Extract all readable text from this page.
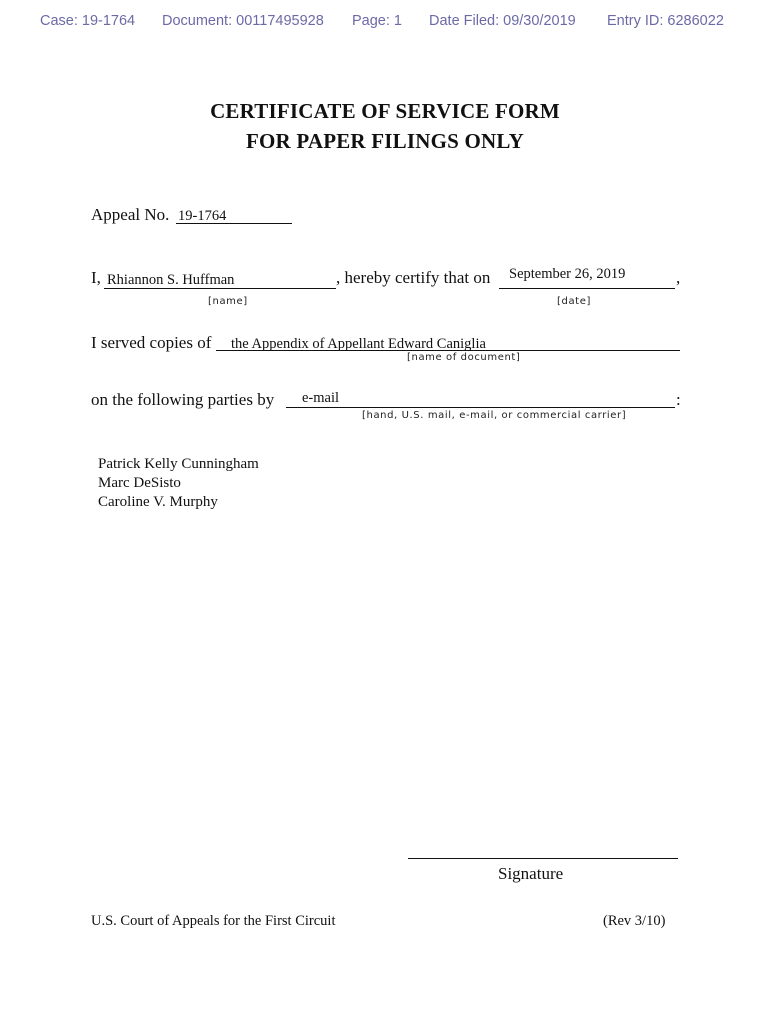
Case: 19-1764 Document: 00117495928 Page: 1 Date Filed: 09/30/2019 Entry ID: 6286022
CERTIFICATE OF SERVICE FORM
FOR PAPER FILINGS ONLY
Appeal No. 19-1764
I, Rhiannon S. Huffman	, hereby certify that on September 26, 2019	,
[name]	[date]
I served copies of the Appendix of Appellant Edward Caniglia
[name of document]
on the following parties by e-mail	:
[hand, U.S. mail, e-mail, or commercial carrier]
Patrick Kelly Cunningham
Marc DeSisto
Caroline V. Murphy
Signature
U.S. Court of Appeals for the First Circuit	(Rev 3/10)
